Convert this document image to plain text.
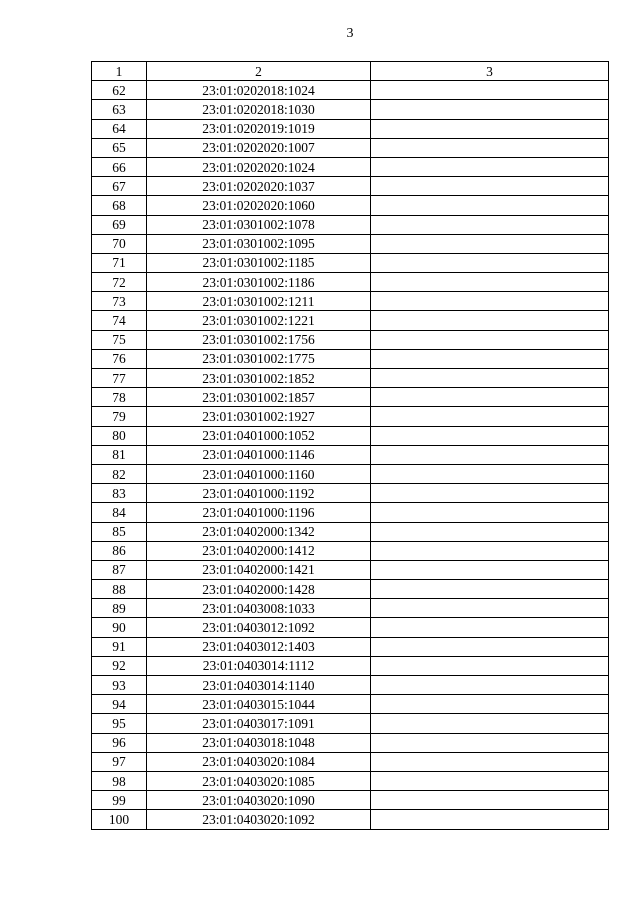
3
1	2	3
62	23:01:0202018:1024	
63	23:01:0202018:1030	
64	23:01:0202019:1019	
65	23:01:0202020:1007	
66	23:01:0202020:1024	
67	23:01:0202020:1037	
68	23:01:0202020:1060	
69	23:01:0301002:1078	
70	23:01:0301002:1095	
71	23:01:0301002:1185	
72	23:01:0301002:1186	
73	23:01:0301002:1211	
74	23:01:0301002:1221	
75	23:01:0301002:1756	
76	23:01:0301002:1775	
77	23:01:0301002:1852	
78	23:01:0301002:1857	
79	23:01:0301002:1927	
80	23:01:0401000:1052	
81	23:01:0401000:1146	
82	23:01:0401000:1160	
83	23:01:0401000:1192	
84	23:01:0401000:1196	
85	23:01:0402000:1342	
86	23:01:0402000:1412	
87	23:01:0402000:1421	
88	23:01:0402000:1428	
89	23:01:0403008:1033	
90	23:01:0403012:1092	
91	23:01:0403012:1403	
92	23:01:0403014:1112	
93	23:01:0403014:1140	
94	23:01:0403015:1044	
95	23:01:0403017:1091	
96	23:01:0403018:1048	
97	23:01:0403020:1084	
98	23:01:0403020:1085	
99	23:01:0403020:1090	
100	23:01:0403020:1092	
